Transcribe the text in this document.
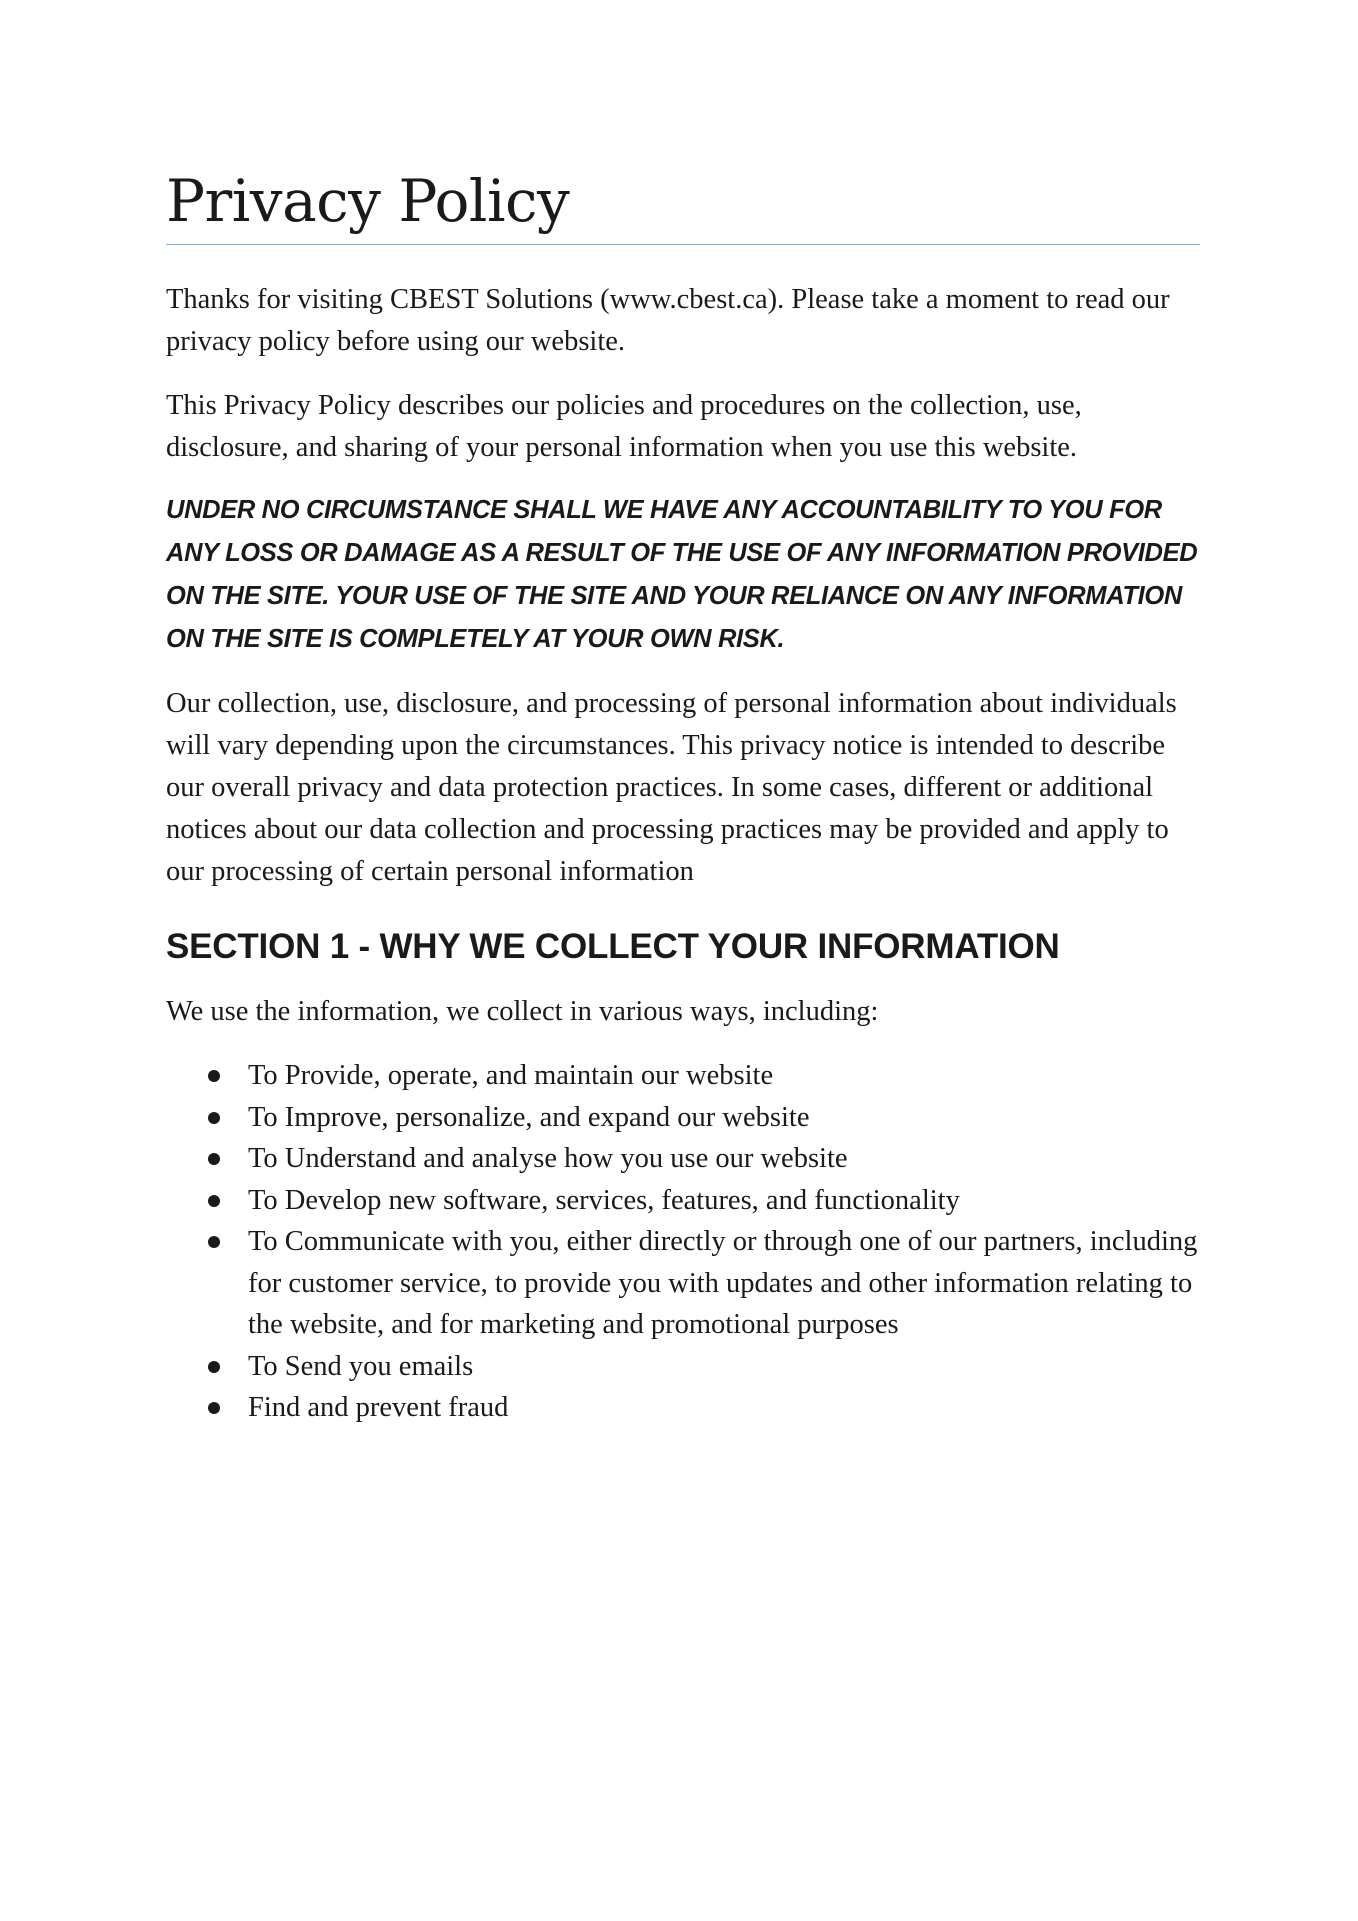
Privacy Policy

Thanks for visiting CBEST Solutions (www.cbest.ca). Please take a moment to read our privacy policy before using our website.

This Privacy Policy describes our policies and procedures on the collection, use, disclosure, and sharing of your personal information when you use this website.

UNDER NO CIRCUMSTANCE SHALL WE HAVE ANY ACCOUNTABILITY TO YOU FOR ANY LOSS OR DAMAGE AS A RESULT OF THE USE OF ANY INFORMATION PROVIDED ON THE SITE. YOUR USE OF THE SITE AND YOUR RELIANCE ON ANY INFORMATION ON THE SITE IS COMPLETELY AT YOUR OWN RISK.

Our collection, use, disclosure, and processing of personal information about individuals will vary depending upon the circumstances. This privacy notice is intended to describe our overall privacy and data protection practices. In some cases, different or additional notices about our data collection and processing practices may be provided and apply to our processing of certain personal information

SECTION 1 - WHY WE COLLECT YOUR INFORMATION

We use the information, we collect in various ways, including:

To Provide, operate, and maintain our website
To Improve, personalize, and expand our website
To Understand and analyse how you use our website
To Develop new software, services, features, and functionality
To Communicate with you, either directly or through one of our partners, including for customer service, to provide you with updates and other information relating to the website, and for marketing and promotional purposes
To Send you emails
Find and prevent fraud
